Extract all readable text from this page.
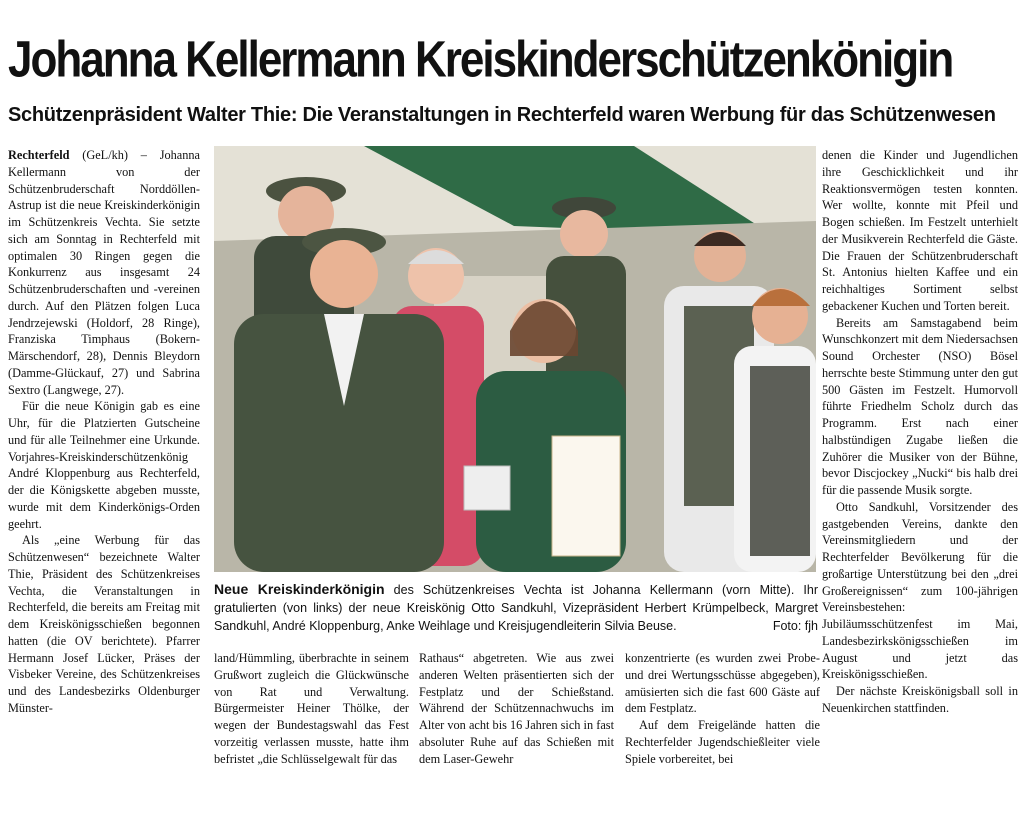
Johanna Kellermann Kreiskinderschützenkönigin
Schützenpräsident Walter Thie: Die Veranstaltungen in Rechterfeld waren Werbung für das Schützenwesen

Rechterfeld (GeL/kh) – Johanna Kellermann von der Schützenbruderschaft Norddöllen-Astrup ist die neue Kreiskinderkönigin im Schützenkreis Vechta. Sie setzte sich am Sonntag in Rechterfeld mit optimalen 30 Ringen gegen die Konkurrenz aus insgesamt 24 Schützenbruderschaften und -vereinen durch. Auf den Plätzen folgen Luca Jendrzejewski (Holdorf, 28 Ringe), Franziska Timphaus (Bokern-Märschendorf, 28), Dennis Bleydorn (Damme-Glückauf, 27) und Sabrina Sextro (Langwege, 27).

Für die neue Königin gab es eine Uhr, für die Platzierten Gutscheine und für alle Teilnehmer eine Urkunde. Vorjahres-Kreiskinderschützenkönig André Kloppenburg aus Rechterfeld, der die Königskette abgeben musste, wurde mit dem Kinderkönigs-Orden geehrt.

Als „eine Werbung für das Schützenwesen“ bezeichnete Walter Thie, Präsident des Schützenkreises Vechta, die Veranstaltungen in Rechterfeld, die bereits am Freitag mit dem Kreiskönigsschießen begonnen hatten (die OV berichtete). Pfarrer Hermann Josef Lücker, Präses der Visbeker Vereine, des Schützenkreises und des Landesbezirks Oldenburger Münster-

Neue Kreiskinderkönigin des Schützenkreises Vechta ist Johanna Kellermann (vorn Mitte). Ihr gratulierten (von links) der neue Kreiskönig Otto Sandkuhl, Vizepräsident Herbert Krümpelbeck, Margret Sandkuhl, André Kloppenburg, Anke Weihlage und Kreisjugendleiterin Silvia Beuse.	Foto: fjh

land/Hümmling, überbrachte in seinem Grußwort zugleich die Glückwünsche von Rat und Verwaltung. Bürgermeister Heiner Thölke, der wegen der Bundestagswahl das Fest vorzeitig verlassen musste, hatte ihm befristet „die Schlüsselgewalt für das

Rathaus“ abgetreten. Wie aus zwei anderen Welten präsentierten sich der Festplatz und der Schießstand. Während der Schützennachwuchs im Alter von acht bis 16 Jahren sich in fast absoluter Ruhe auf das Schießen mit dem Laser-Gewehr

konzentrierte (es wurden zwei Probe- und drei Wertungsschüsse abgegeben), amüsierten sich die fast 600 Gäste auf dem Festplatz.

Auf dem Freigelände hatten die Rechterfelder Jugendschießleiter viele Spiele vorbereitet, bei

denen die Kinder und Jugendlichen ihre Geschicklichkeit und ihr Reaktionsvermögen testen konnten. Wer wollte, konnte mit Pfeil und Bogen schießen. Im Festzelt unterhielt der Musikverein Rechterfeld die Gäste. Die Frauen der Schützenbruderschaft St. Antonius hielten Kaffee und ein reichhaltiges Sortiment selbst gebackener Kuchen und Torten bereit.

Bereits am Samstagabend beim Wunschkonzert mit dem Niedersachsen Sound Orchester (NSO) Bösel herrschte beste Stimmung unter den gut 500 Gästen im Festzelt. Humorvoll führte Friedhelm Scholz durch das Programm. Erst nach einer halbstündigen Zugabe ließen die Zuhörer die Musiker von der Bühne, bevor Discjockey „Nucki“ bis halb drei für die passende Musik sorgte.

Otto Sandkuhl, Vorsitzender des gastgebenden Vereins, dankte den Vereinsmitgliedern und der Rechterfelder Bevölkerung für die großartige Unterstützung bei den „drei Großereignissen“ zum 100-jährigen Vereinsbestehen: Jubiläumsschützenfest im Mai, Landesbezirkskönigsschießen im August und jetzt das Kreiskönigsschießen.

Der nächste Kreiskönigsball soll in Neuenkirchen stattfinden.
